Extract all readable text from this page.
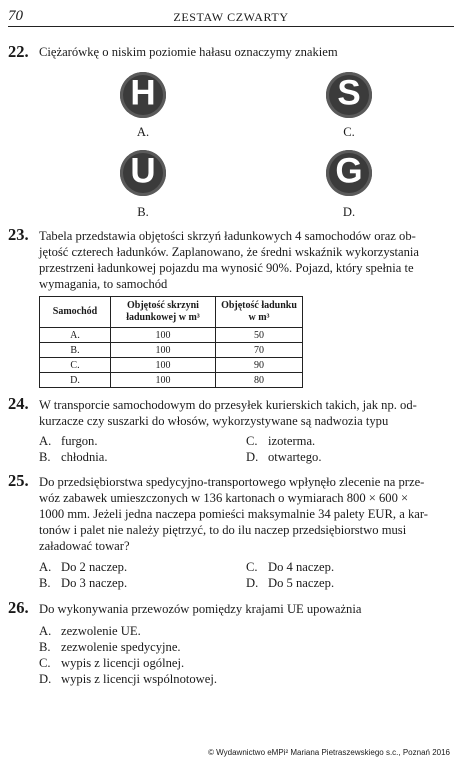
70	ZESTAW CZWARTY
22. Ciężarówkę o niskim poziomie hałasu oznaczymy znakiem
H
A.
S
C.
U
B.
G
D.
23. Tabela przedstawia objętości skrzyń ładunkowych 4 samochodów oraz ob-
jętość czterech ładunków. Zaplanowano, że średni wskaźnik wykorzystania
przestrzeni ładunkowej pojazdu ma wynosić 90%. Pojazd, który spełnia te
wymagania, to samochód
Samochód	Objętość skrzyni ładunkowej w m³	Objętość ładunku w m³
A.	100	50
B.	100	70
C.	100	90
D.	100	80
24. W transporcie samochodowym do przesyłek kurierskich takich, jak np. od-
kurzacze czy suszarki do włosów, wykorzystywane są nadwozia typu
A. furgon.	C. izoterma.
B. chłodnia.	D. otwartego.
25. Do przedsiębiorstwa spedycyjno-transportowego wpłynęło zlecenie na prze-
wóz zabawek umieszczonych w 136 kartonach o wymiarach 800 × 600 ×
1000 mm. Jeżeli jedna naczepa pomieści maksymalnie 34 palety EUR, a kar-
tonów i palet nie należy piętrzyć, to do ilu naczep przedsiębiorstwo musi
załadować towar?
A. Do 2 naczep.	C. Do 4 naczep.
B. Do 3 naczep.	D. Do 5 naczep.
26. Do wykonywania przewozów pomiędzy krajami UE upoważnia
A. zezwolenie UE.
B. zezwolenie spedycyjne.
C. wypis z licencji ogólnej.
D. wypis z licencji wspólnotowej.
© Wydawnictwo eMPi² Mariana Pietraszewskiego s.c., Poznań 2016
